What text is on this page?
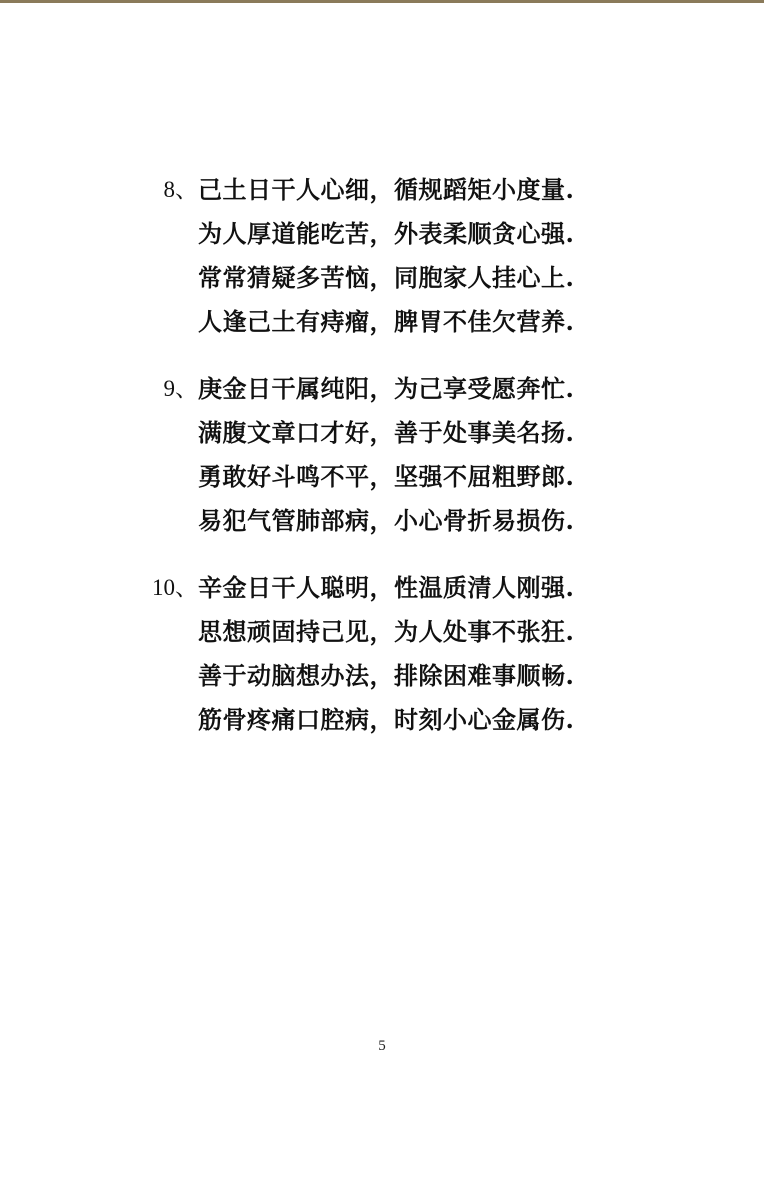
8、 己土日干人心细，循规蹈矩小度量.
为人厚道能吃苦，外表柔顺贪心强.
常常猜疑多苦恼，同胞家人挂心上.
人逢己土有痔瘤，脾胃不佳欠营养.
9、 庚金日干属纯阳，为己享受愿奔忙.
满腹文章口才好，善于处事美名扬.
勇敢好斗鸣不平，坚强不屈粗野郎.
易犯气管肺部病，小心骨折易损伤.
10、 辛金日干人聪明，性温质清人刚强.
思想顽固持己见，为人处事不张狂.
善于动脑想办法，排除困难事顺畅.
筋骨疼痛口腔病，时刻小心金属伤.
5
